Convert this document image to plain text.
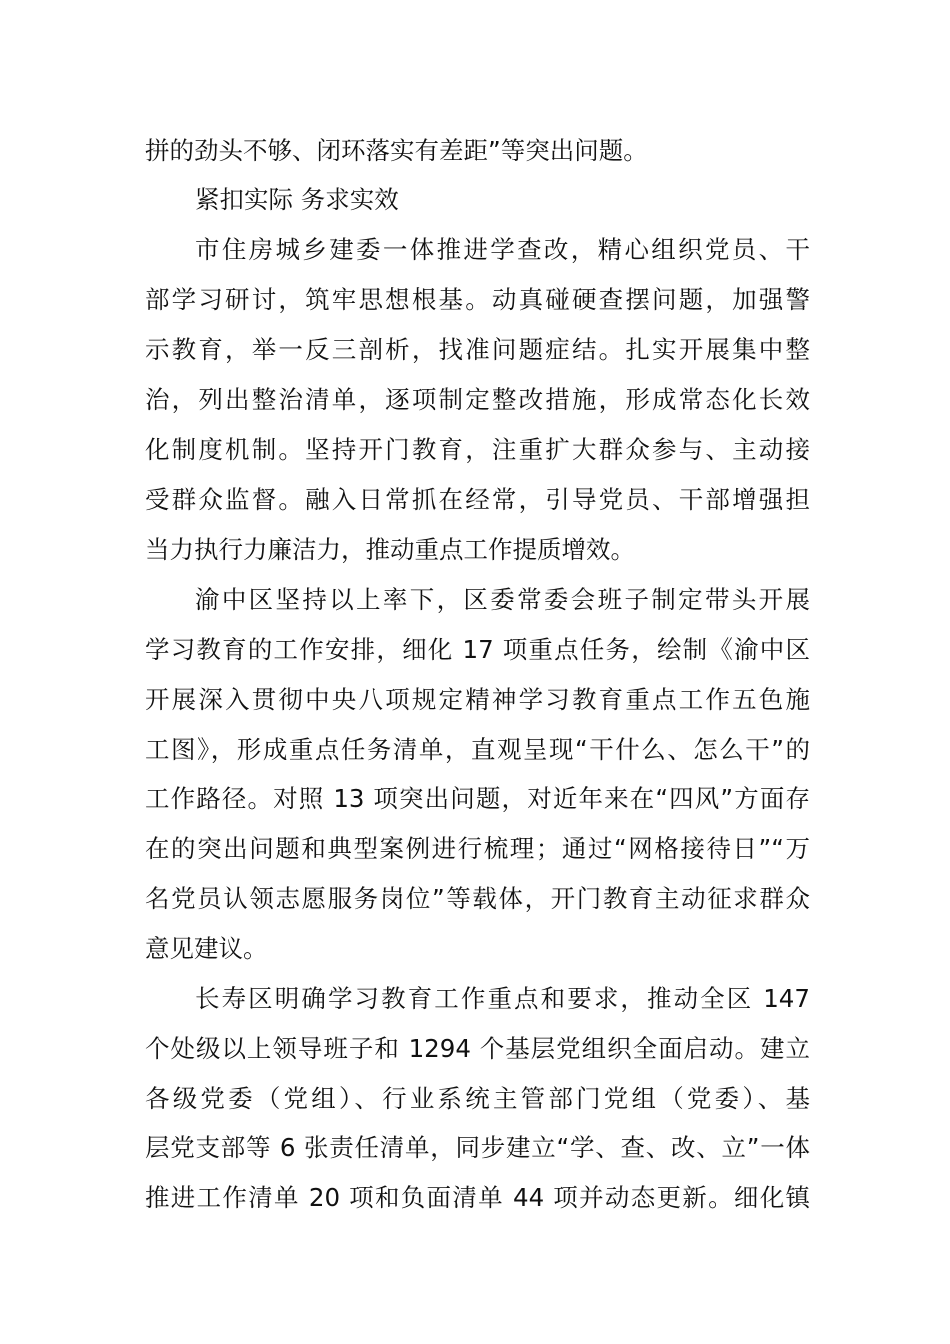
拼的劲头不够、闭环落实有差距”等突出问题。
紧扣实际 务求实效
市住房城乡建委一体推进学查改，精心组织党员、干
部学习研讨，筑牢思想根基。动真碰硬查摆问题，加强警
示教育，举一反三剖析，找准问题症结。扎实开展集中整
治，列出整治清单，逐项制定整改措施，形成常态化长效
化制度机制。坚持开门教育，注重扩大群众参与、主动接
受群众监督。融入日常抓在经常，引导党员、干部增强担
当力执行力廉洁力，推动重点工作提质增效。
渝中区坚持以上率下，区委常委会班子制定带头开展
学习教育的工作安排，细化 17 项重点任务，绘制《渝中区
开展深入贯彻中央八项规定精神学习教育重点工作五色施
工图》，形成重点任务清单，直观呈现“干什么、怎么干”的
工作路径。对照 13 项突出问题，对近年来在“四风”方面存
在的突出问题和典型案例进行梳理；通过“网格接待日”“万
名党员认领志愿服务岗位”等载体，开门教育主动征求群众
意见建议。
长寿区明确学习教育工作重点和要求，推动全区 147
个处级以上领导班子和 1294 个基层党组织全面启动。建立
各级党委（党组）、行业系统主管部门党组（党委）、基
层党支部等 6 张责任清单，同步建立“学、查、改、立”一体
推进工作清单 20 项和负面清单 44 项并动态更新。细化镇
